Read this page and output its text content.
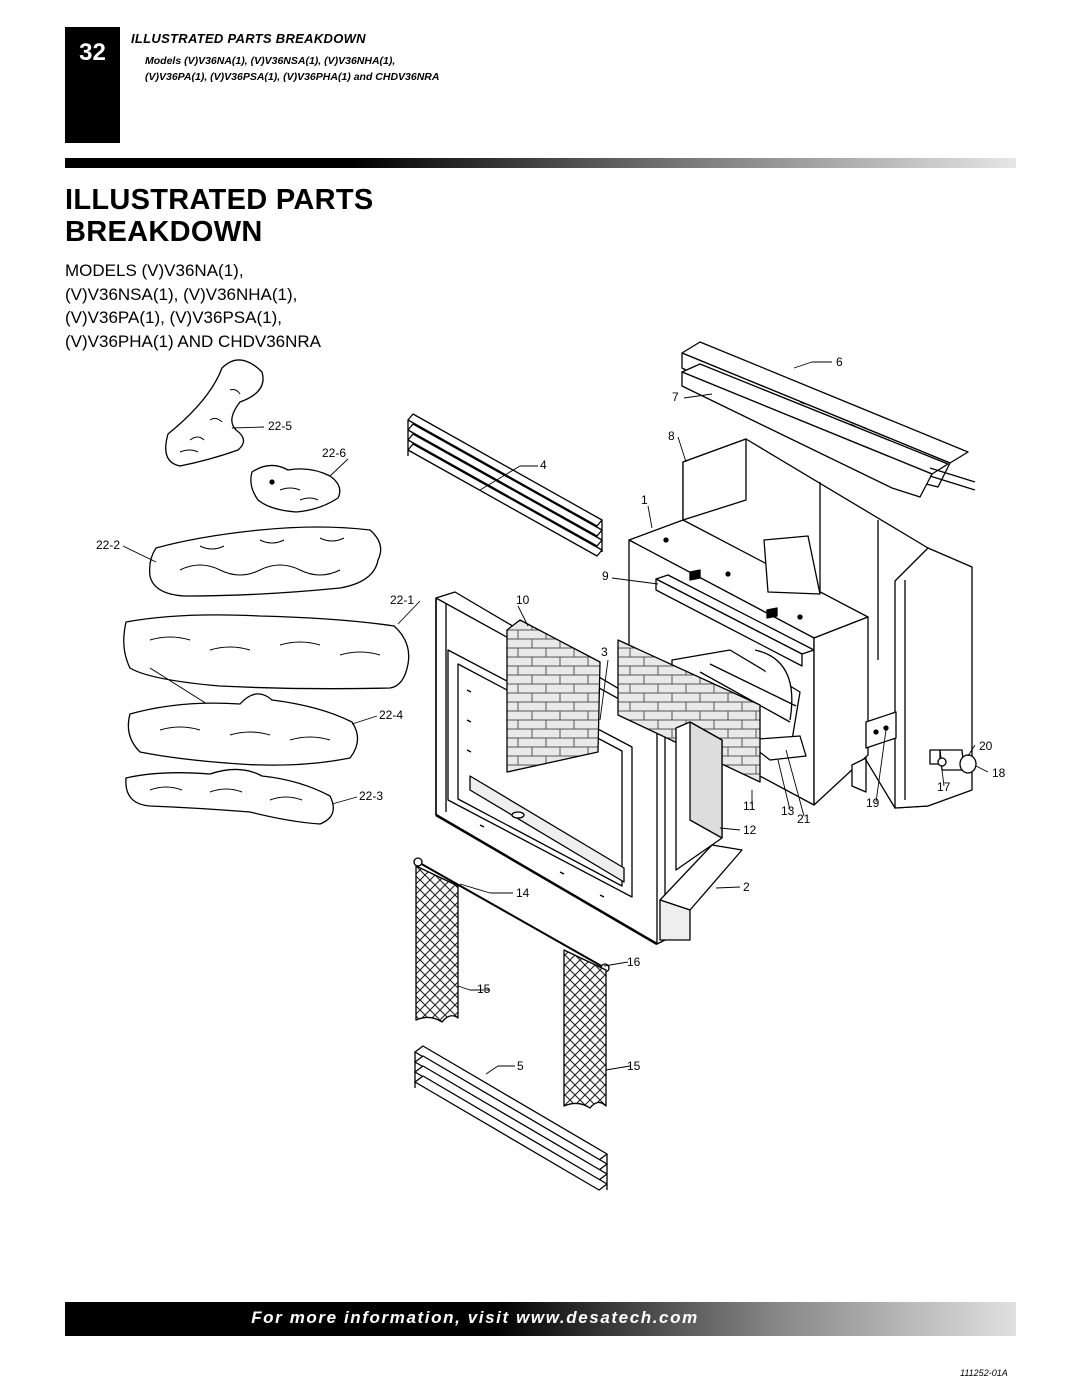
32
ILLUSTRATED PARTS BREAKDOWN
Models (V)V36NA(1), (V)V36NSA(1), (V)V36NHA(1),
(V)V36PA(1), (V)V36PSA(1), (V)V36PHA(1) and CHDV36NRA
ILLUSTRATED PARTS
BREAKDOWN
MODELS (V)V36NA(1),
(V)V36NSA(1), (V)V36NHA(1),
(V)V36PA(1), (V)V36PSA(1),
(V)V36PHA(1) AND CHDV36NRA
6
7
8
4
1
9
10
3
22-5
22-6
22-2
22-1
22-4
22-3
20
18
17
19
11 13
21
12
2
14
16
15
5	15
For more information, visit www.desatech.com
111252-01A
